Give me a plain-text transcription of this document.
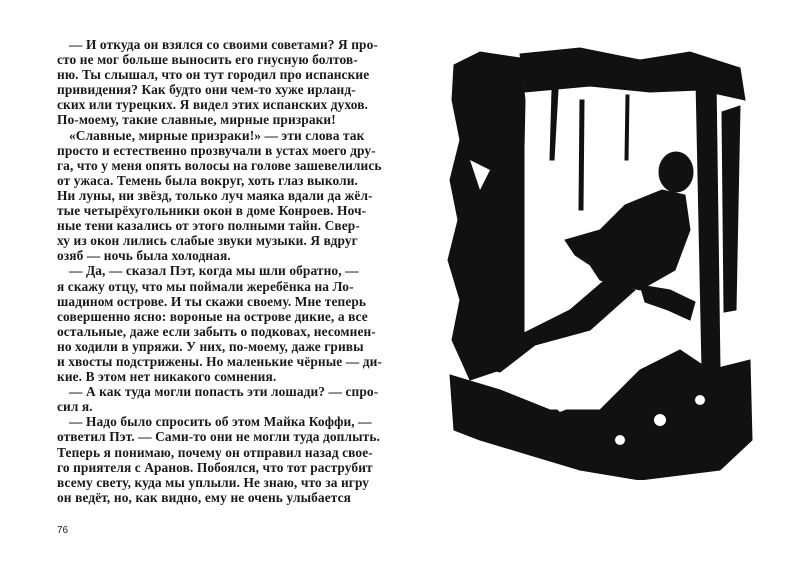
— И откуда он взялся со своими советами? Я про-
сто не мог больше выносить его гнусную болтов-
ню. Ты слышал, что он тут городил про испанские
привидения? Как будто они чем-то хуже ирланд-
ских или турецких. Я видел этих испанских духов.
По-моему, такие славные, мирные призраки!
«Славные, мирные призраки!» — эти слова так
просто и естественно прозвучали в устах моего дру-
га, что у меня опять волосы на голове зашевелились
от ужаса. Темень была вокруг, хоть глаз выколи.
Ни луны, ни звёзд, только луч маяка вдали да жёл-
тые четырёхугольники окон в доме Конроев. Ноч-
ные тени казались от этого полными тайн. Свер-
ху из окон лились слабые звуки музыки. Я вдруг
озяб — ночь была холодная.
— Да, — сказал Пэт, когда мы шли обратно, —
я скажу отцу, что мы поймали жеребёнка на Ло-
шадином острове. И ты скажи своему. Мне теперь
совершенно ясно: вороные на острове дикие, а все
остальные, даже если забыть о подковах, несомнен-
но ходили в упряжи. У них, по-моему, даже гривы
и хвосты подстрижены. Но маленькие чёрные — ди-
кие. В этом нет никакого сомнения.
— А как туда могли попасть эти лошади? — спро-
сил я.
— Надо было спросить об этом Майка Коффи, —
ответил Пэт. — Сами-то они не могли туда доплыть.
Теперь я понимаю, почему он отправил назад свое-
го приятеля с Аранов. Побоялся, что тот раструбит
всему свету, куда мы уплыли. Не знаю, что за игру
он ведёт, но, как видно, ему не очень улыбается
76
